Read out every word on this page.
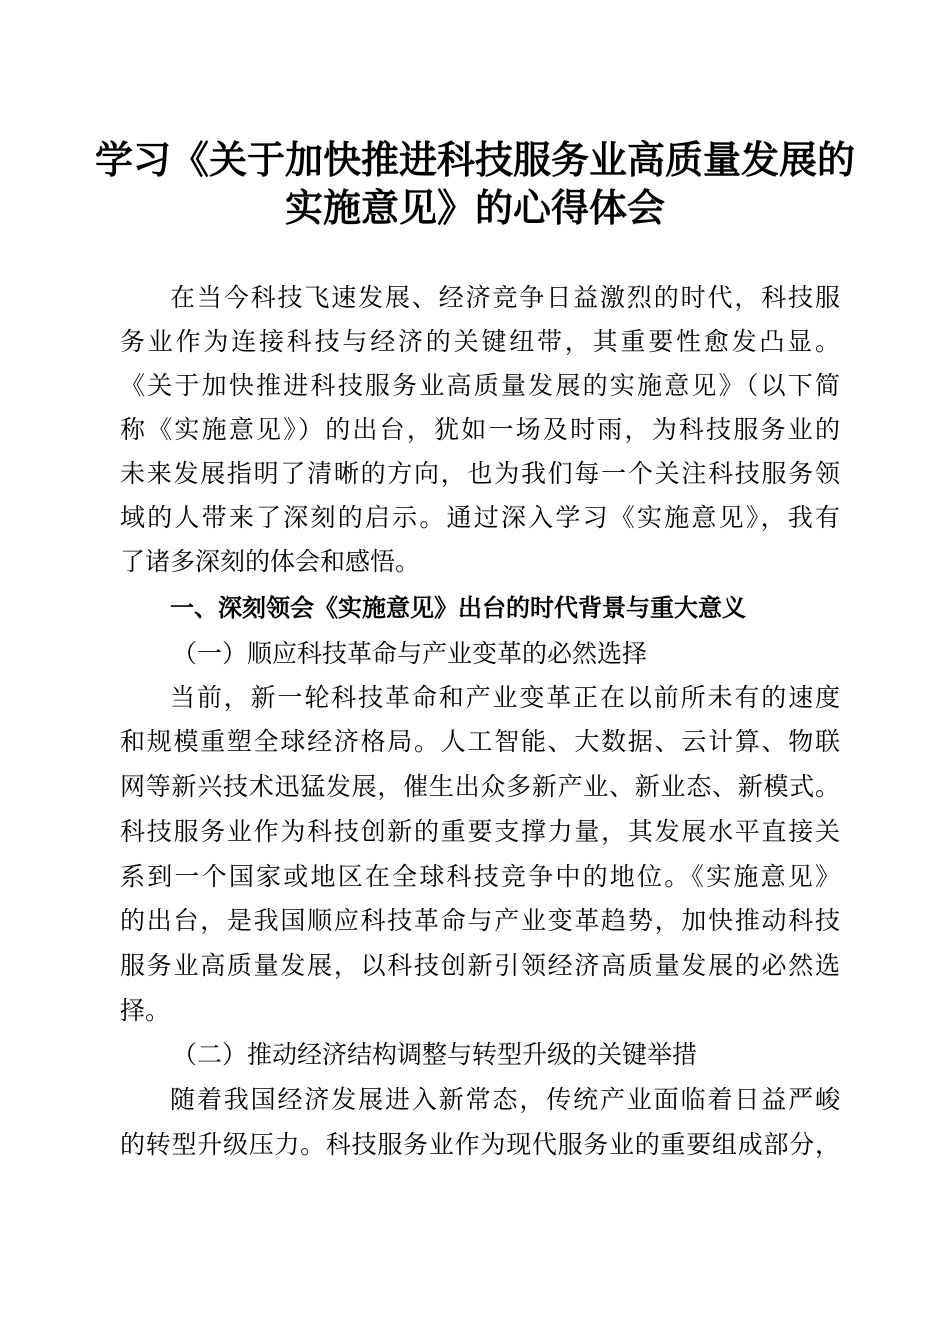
学习《关于加快推进科技服务业高质量发展的
实施意见》的心得体会
在当今科技飞速发展、经济竞争日益激烈的时代，科技服
务业作为连接科技与经济的关键纽带，其重要性愈发凸显。
《关于加快推进科技服务业高质量发展的实施意见》（以下简
称《实施意见》）的出台，犹如一场及时雨，为科技服务业的
未来发展指明了清晰的方向，也为我们每一个关注科技服务领
域的人带来了深刻的启示。通过深入学习《实施意见》，我有
了诸多深刻的体会和感悟。
一、深刻领会《实施意见》出台的时代背景与重大意义
（一）顺应科技革命与产业变革的必然选择
当前，新一轮科技革命和产业变革正在以前所未有的速度
和规模重塑全球经济格局。人工智能、大数据、云计算、物联
网等新兴技术迅猛发展，催生出众多新产业、新业态、新模式。
科技服务业作为科技创新的重要支撑力量，其发展水平直接关
系到一个国家或地区在全球科技竞争中的地位。《实施意见》
的出台，是我国顺应科技革命与产业变革趋势，加快推动科技
服务业高质量发展，以科技创新引领经济高质量发展的必然选
择。
（二）推动经济结构调整与转型升级的关键举措
随着我国经济发展进入新常态，传统产业面临着日益严峻
的转型升级压力。科技服务业作为现代服务业的重要组成部分，
